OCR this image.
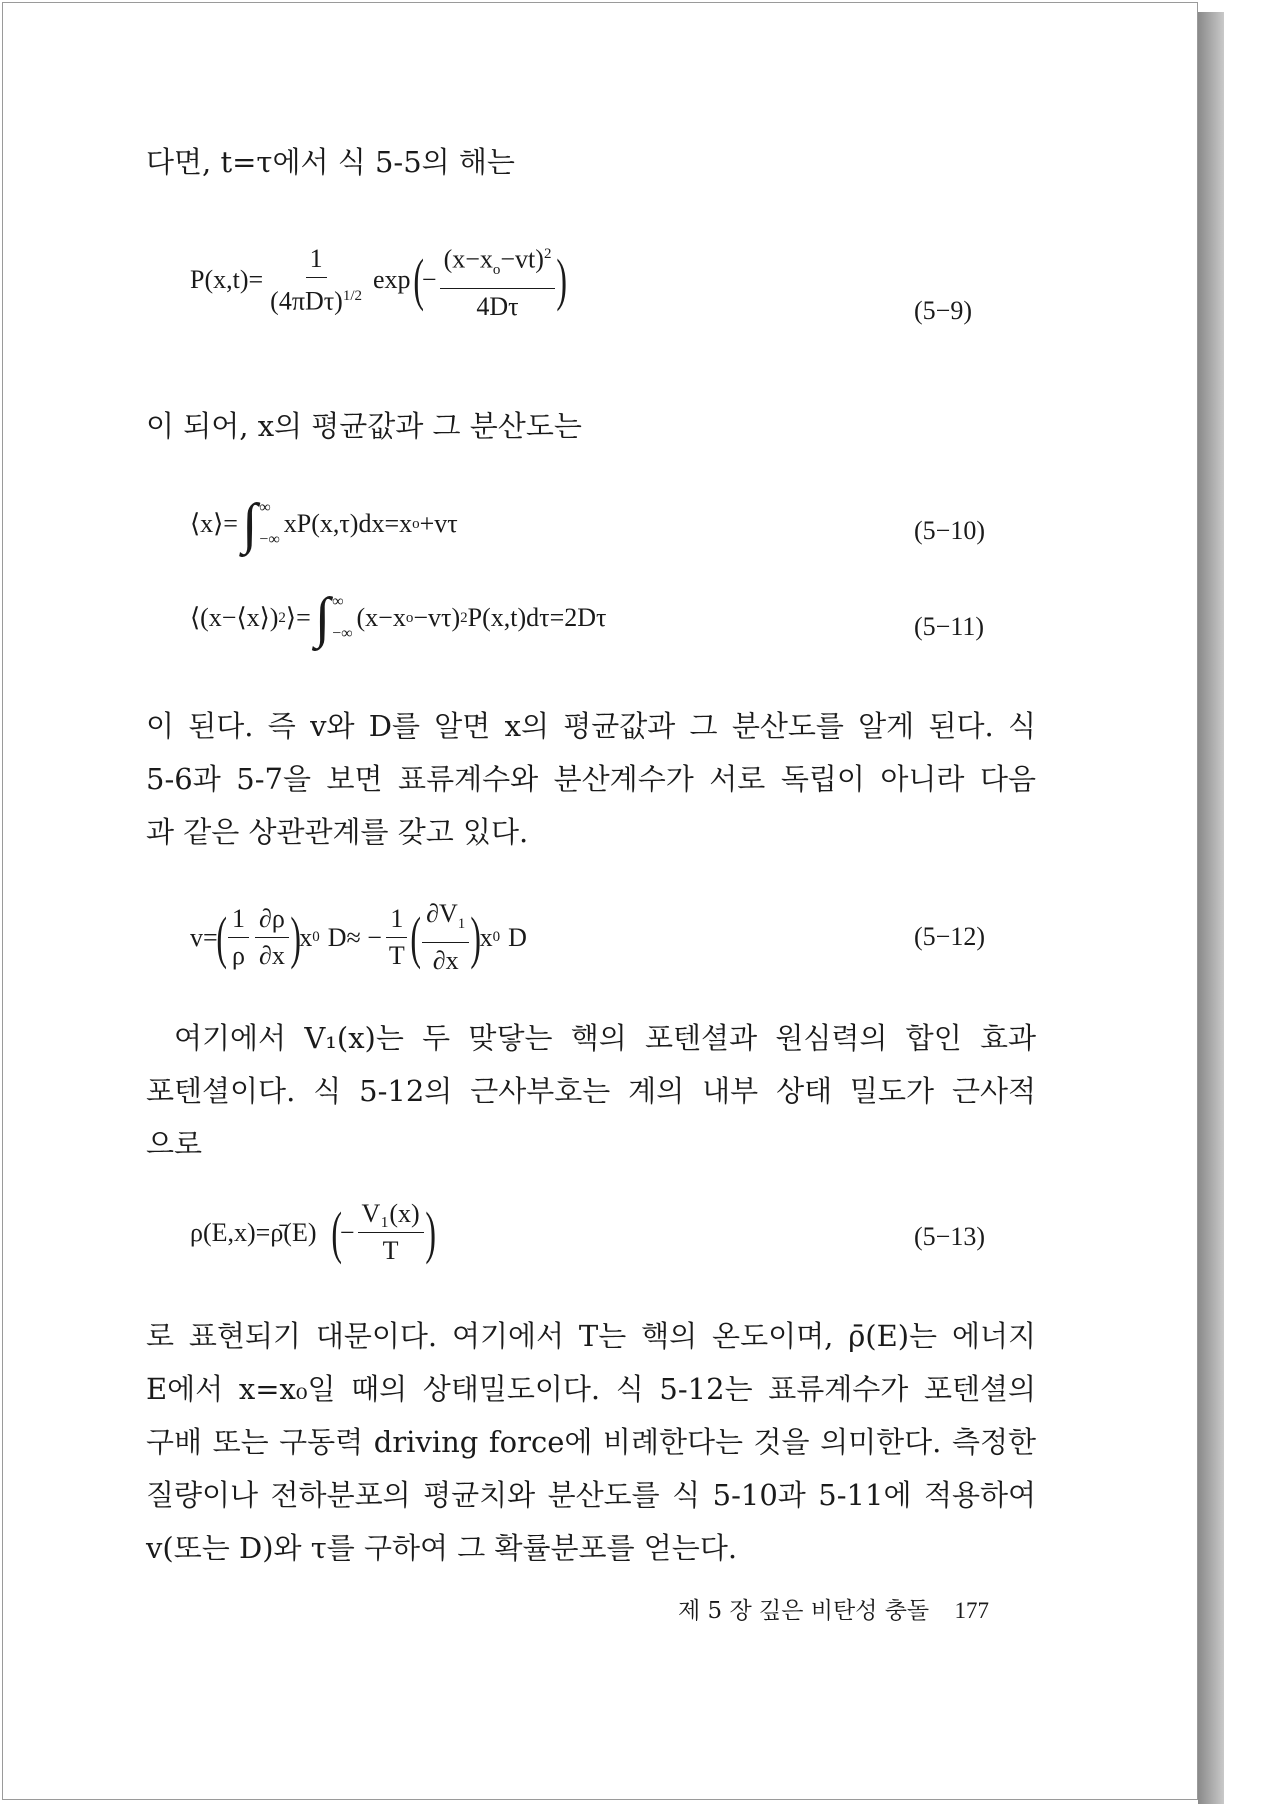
다면, t=τ에서 식 5-5의 해는

$P(x,t)= \frac{1}{(4\pi D\tau)^{1/2}}$ exp (
− $\frac{(x-x_o-vt)^2}{4D\tau}$ )	(5−9)

이 되어, x의 평균값과 그 분산도는

⟨x⟩= ∫ ∞
−∞
xP(x,τ)dx=x o +vτ	(5−10)
⟨(x−⟨x⟩) 2 ⟩= ∫ ∞
−∞
(x−x o −vτ) 2 P(x,t)dτ=2Dτ	(5−11)

이 된다. 즉 v와 D를 알면 x의 평균값과 그 분산도를 알게 된다. 식
5-6과 5-7을 보면 표류계수와 분산계수가 서로 독립이 아니라 다음
과 같은 상관관계를 갖고 있다.

v=
( $\frac{1}{\rho} \frac{\partial\rho}{\partial x}$ )
x 0 $D\approx - \frac{1}{T}$ ( $\frac{\partial V_1}{\partial x}$ )
x 0 D	(5−12)

여기에서 V₁(x)는 두 맞닿는 핵의 포텐셜과 원심력의 합인 효과
포텐셜이다. 식 5-12의 근사부호는 계의 내부 상태 밀도가 근사적
으로

ρ(E,x)=ρ̄(E) (
− $\frac{\text{V₁(x)}}{T}$ )	(5−13)

로 표현되기 대문이다. 여기에서 T는 핵의 온도이며, ρ̄(E)는 에너지
E에서 x=x₀일 때의 상태밀도이다. 식 5-12는 표류계수가 포텐셜의
구배 또는 구동력 driving force에 비례한다는 것을 의미한다. 측정한
질량이나 전하분포의 평균치와 분산도를 식 5-10과 5-11에 적용하여
v(또는 D)와 τ를 구하여 그 확률분포를 얻는다.

제 5 장 깊은 비탄성 충돌 177
